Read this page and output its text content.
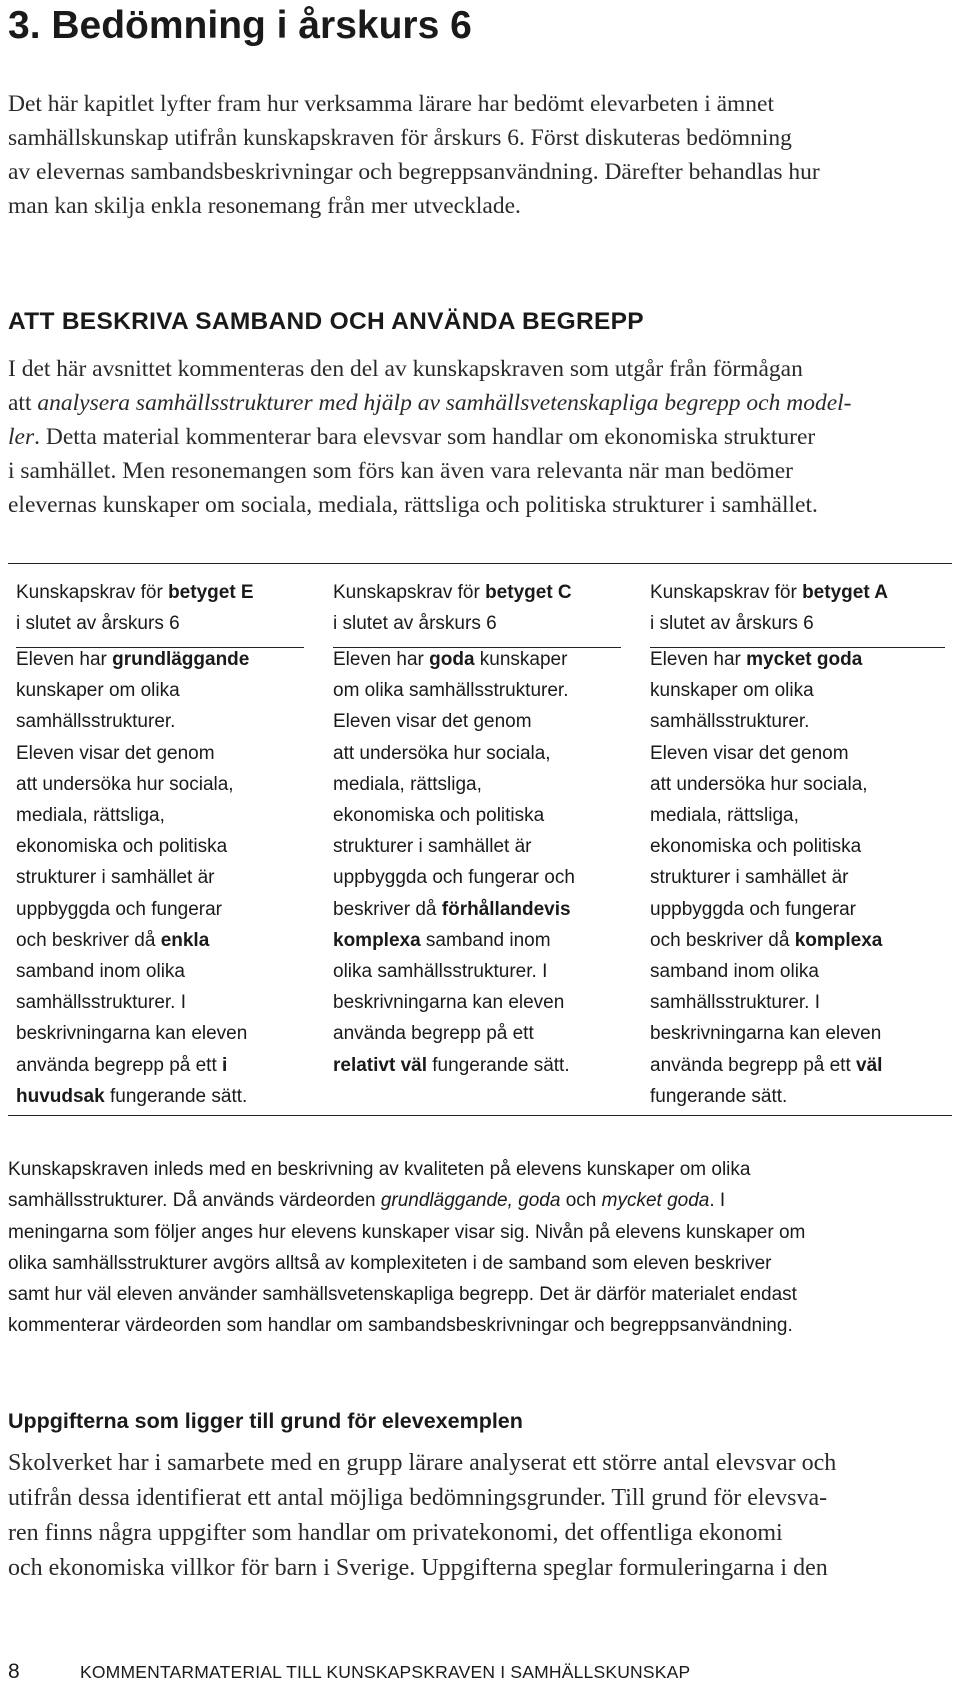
3. Bedömning i årskurs 6
Det här kapitlet lyfter fram hur verksamma lärare har bedömt elevarbeten i ämnet
samhällskunskap utifrån kunskapskraven för årskurs 6. Först diskuteras bedömning
av elevernas sambandsbeskrivningar och begreppsanvändning. Därefter behandlas hur
man kan skilja enkla resonemang från mer utvecklade.
ATT BESKRIVA SAMBAND OCH ANVÄNDA BEGREPP
I det här avsnittet kommenteras den del av kunskapskraven som utgår från förmågan
att analysera samhällsstrukturer med hjälp av samhällsvetenskapliga begrepp och model-
ler. Detta material kommenterar bara elevsvar som handlar om ekonomiska strukturer
i samhället. Men resonemangen som förs kan även vara relevanta när man bedömer
elevernas kunskaper om sociala, mediala, rättsliga och politiska strukturer i samhället.
Kunskapskrav för betyget E
i slutet av årskurs 6
Eleven har grundläggande
kunskaper om olika
samhällsstrukturer.
Eleven visar det genom
att undersöka hur sociala,
mediala, rättsliga,
ekonomiska och politiska
strukturer i samhället är
uppbyggda och fungerar
och beskriver då enkla
samband inom olika
samhällsstrukturer. I
beskrivningarna kan eleven
använda begrepp på ett i
huvudsak fungerande sätt.
Kunskapskrav för betyget C
i slutet av årskurs 6
Eleven har goda kunskaper
om olika samhällsstrukturer.
Eleven visar det genom
att undersöka hur sociala,
mediala, rättsliga,
ekonomiska och politiska
strukturer i samhället är
uppbyggda och fungerar och
beskriver då förhållandevis
komplexa samband inom
olika samhällsstrukturer. I
beskrivningarna kan eleven
använda begrepp på ett
relativt väl fungerande sätt.
Kunskapskrav för betyget A
i slutet av årskurs 6
Eleven har mycket goda
kunskaper om olika
samhällsstrukturer.
Eleven visar det genom
att undersöka hur sociala,
mediala, rättsliga,
ekonomiska och politiska
strukturer i samhället är
uppbyggda och fungerar
och beskriver då komplexa
samband inom olika
samhällsstrukturer. I
beskrivningarna kan eleven
använda begrepp på ett väl
fungerande sätt.
Kunskapskraven inleds med en beskrivning av kvaliteten på elevens kunskaper om olika
samhällsstrukturer. Då används värdeorden grundläggande, goda och mycket goda. I
meningarna som följer anges hur elevens kunskaper visar sig. Nivån på elevens kunskaper om
olika samhällsstrukturer avgörs alltså av komplexiteten i de samband som eleven beskriver
samt hur väl eleven använder samhällsvetenskapliga begrepp. Det är därför materialet endast
kommenterar värdeorden som handlar om sambandsbeskrivningar och begreppsanvändning.
Uppgifterna som ligger till grund för elevexemplen
Skolverket har i samarbete med en grupp lärare analyserat ett större antal elevsvar och
utifrån dessa identifierat ett antal möjliga bedömningsgrunder. Till grund för elevsva-
ren finns några uppgifter som handlar om privatekonomi, det offentliga ekonomi
och ekonomiska villkor för barn i Sverige. Uppgifterna speglar formuleringarna i den
8	KOMMENTARMATERIAL TILL KUNSKAPSKRAVEN I SAMHÄLLSKUNSKAP
